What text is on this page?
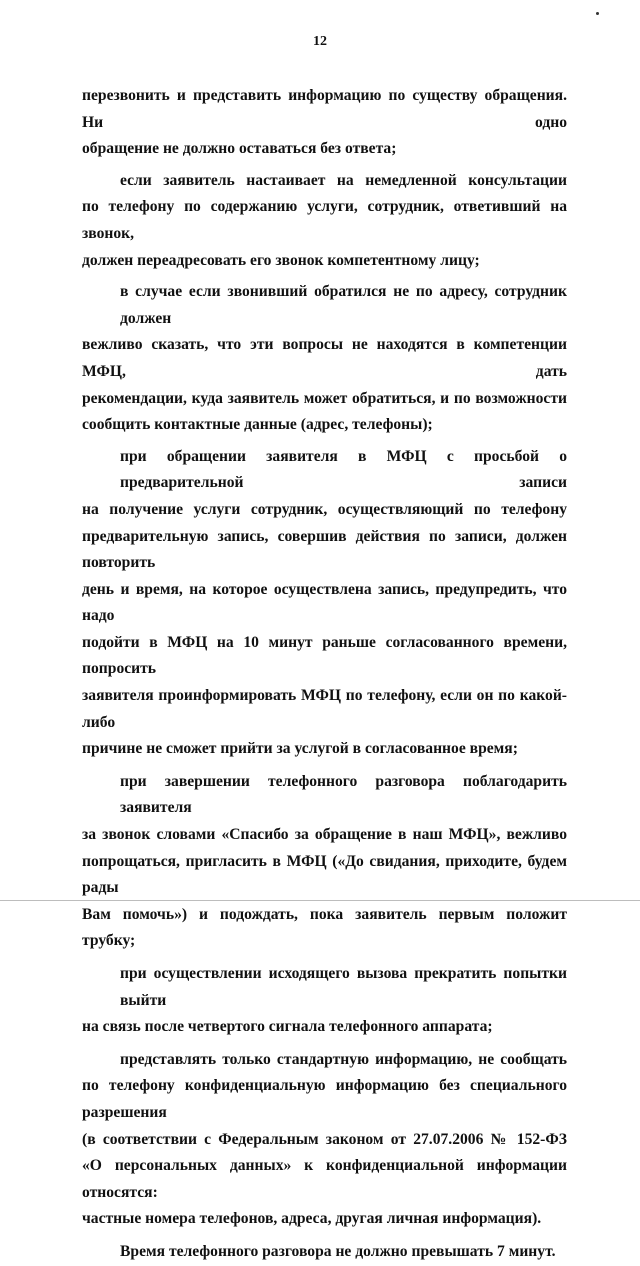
12
перезвонить и представить информацию по существу обращения. Ни одно
обращение не должно оставаться без ответа;
если заявитель настаивает на немедленной консультации
по телефону по содержанию услуги, сотрудник, ответивший на звонок,
должен переадресовать его звонок компетентному лицу;
в случае если звонивший обратился не по адресу, сотрудник должен
вежливо сказать, что эти вопросы не находятся в компетенции МФЦ, дать
рекомендации, куда заявитель может обратиться, и по возможности
сообщить контактные данные (адрес, телефоны);
при обращении заявителя в МФЦ с просьбой о предварительной записи
на получение услуги сотрудник, осуществляющий по телефону
предварительную запись, совершив действия по записи, должен повторить
день и время, на которое осуществлена запись, предупредить, что надо
подойти в МФЦ на 10 минут раньше согласованного времени, попросить
заявителя проинформировать МФЦ по телефону, если он по какой-либо
причине не сможет прийти за услугой в согласованное время;
при завершении телефонного разговора поблагодарить заявителя
за звонок словами «Спасибо за обращение в наш МФЦ», вежливо
попрощаться, пригласить в МФЦ («До свидания, приходите, будем рады
Вам помочь») и подождать, пока заявитель первым положит трубку;
при осуществлении исходящего вызова прекратить попытки выйти
на связь после четвертого сигнала телефонного аппарата;
представлять только стандартную информацию, не сообщать
по телефону конфиденциальную информацию без специального разрешения
(в соответствии с Федеральным законом от 27.07.2006 № 152-ФЗ
«О персональных данных» к конфиденциальной информации относятся:
частные номера телефонов, адреса, другая личная информация).
Время телефонного разговора не должно превышать 7 минут.
